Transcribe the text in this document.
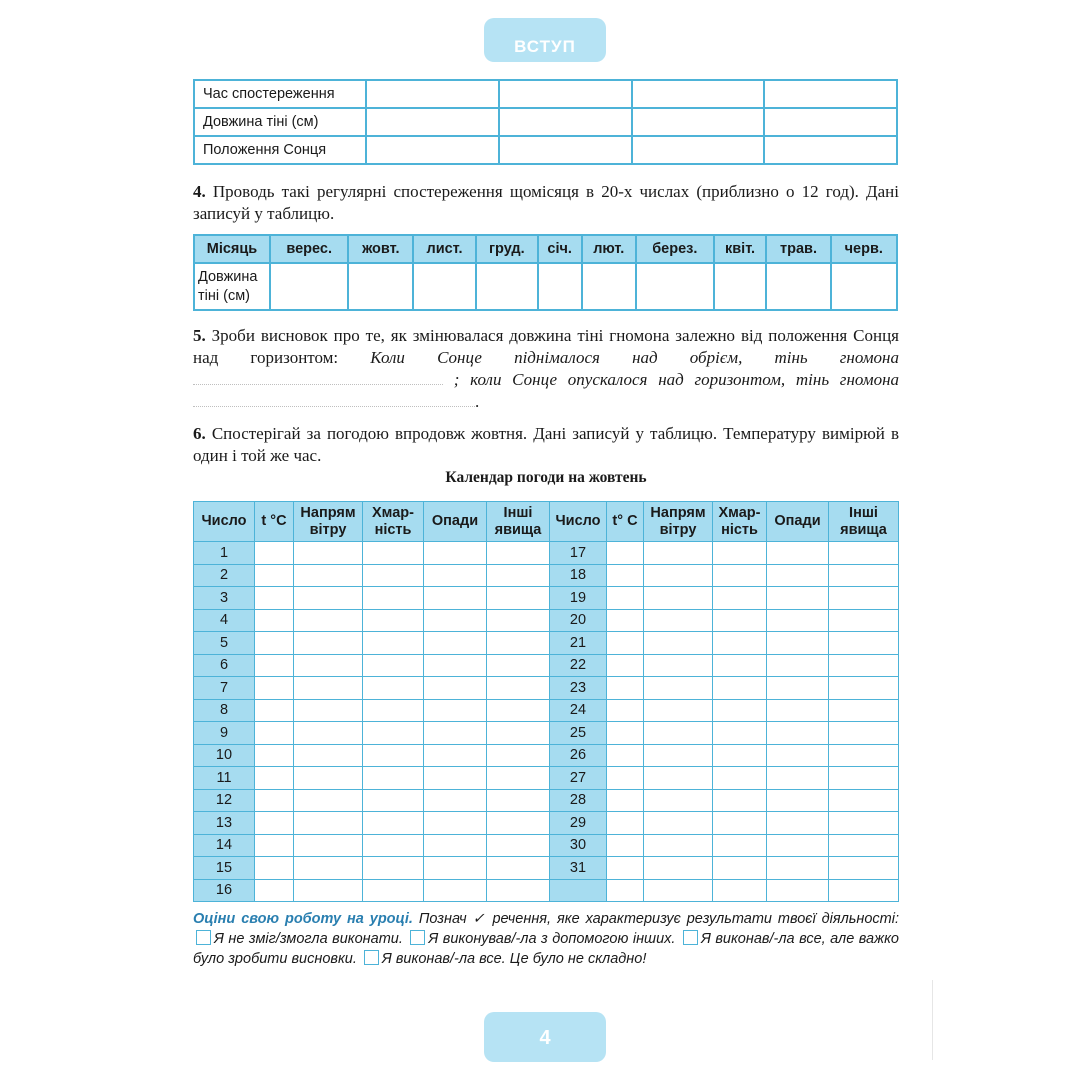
ВСТУП
Час спостереження				
Довжина тіні (см)				
Положення Сонця				
4. Проводь такі регулярні спостереження щомісяця в 20-х числах (приблизно о 12 год). Дані записуй у таблицю.
Місяць	верес.	жовт.	лист.	груд.	січ.	лют.	берез.	квіт.	трав.	черв.
Довжина тіні (см)										
5. Зроби висновок про те, як змінювалася довжина тіні гномона залежно від положення Сонця над горизонтом: Коли Сонце піднімалося над обрієм, тінь гномона  ; коли Сонце опускалося над горизонтом, тінь гномона .
6. Спостерігай за погодою впродовж жовтня. Дані записуй у таблицю. Температуру вимірюй в один і той же час.
Календар погоди на жовтень
Число	t °C	Напрям вітру	Хмар-ність	Опади	Інші явища	Число	t° C	Напрям вітру	Хмар-ність	Опади	Інші явища
1						17					
2						18					
3						19					
4						20					
5						21					
6						22					
7						23					
8						24					
9						25					
10						26					
11						27					
12						28					
13						29					
14						30					
15						31					
16											
Оціни свою роботу на уроці. Познач ✓ речення, яке характеризує результати твоєї діяльності: Я не зміг/змогла виконати. Я виконував/-ла з допомогою інших. Я виконав/-ла все, але важко було зробити висновки. Я виконав/-ла все. Це було не складно!
4
